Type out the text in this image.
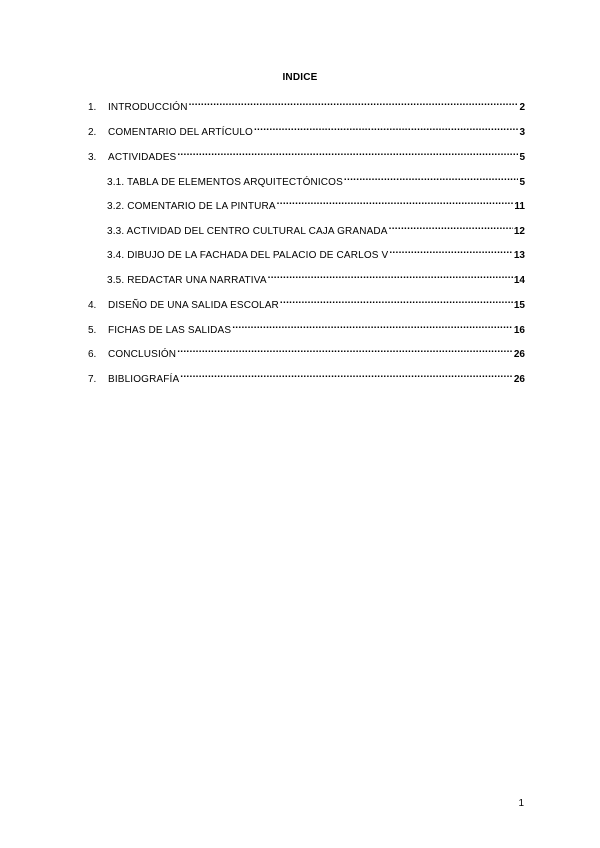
INDICE
1.	INTRODUCCIÓN .....	2
2.	COMENTARIO DEL ARTÍCULO .....	3
3.	ACTIVIDADES .....	5
3.1. TABLA DE ELEMENTOS ARQUITECTÓNICOS .....	5
3.2. COMENTARIO DE LA PINTURA .....	11
3.3. ACTIVIDAD DEL CENTRO CULTURAL CAJA GRANADA .....	12
3.4. DIBUJO DE LA FACHADA DEL PALACIO DE CARLOS V .....	13
3.5. REDACTAR UNA NARRATIVA .....	14
4.	DISEÑO DE UNA SALIDA ESCOLAR .....	15
5.	FICHAS DE LAS SALIDAS .....	16
6.	CONCLUSIÓN .....	26
7.	BIBLIOGRAFÍA .....	26
1
